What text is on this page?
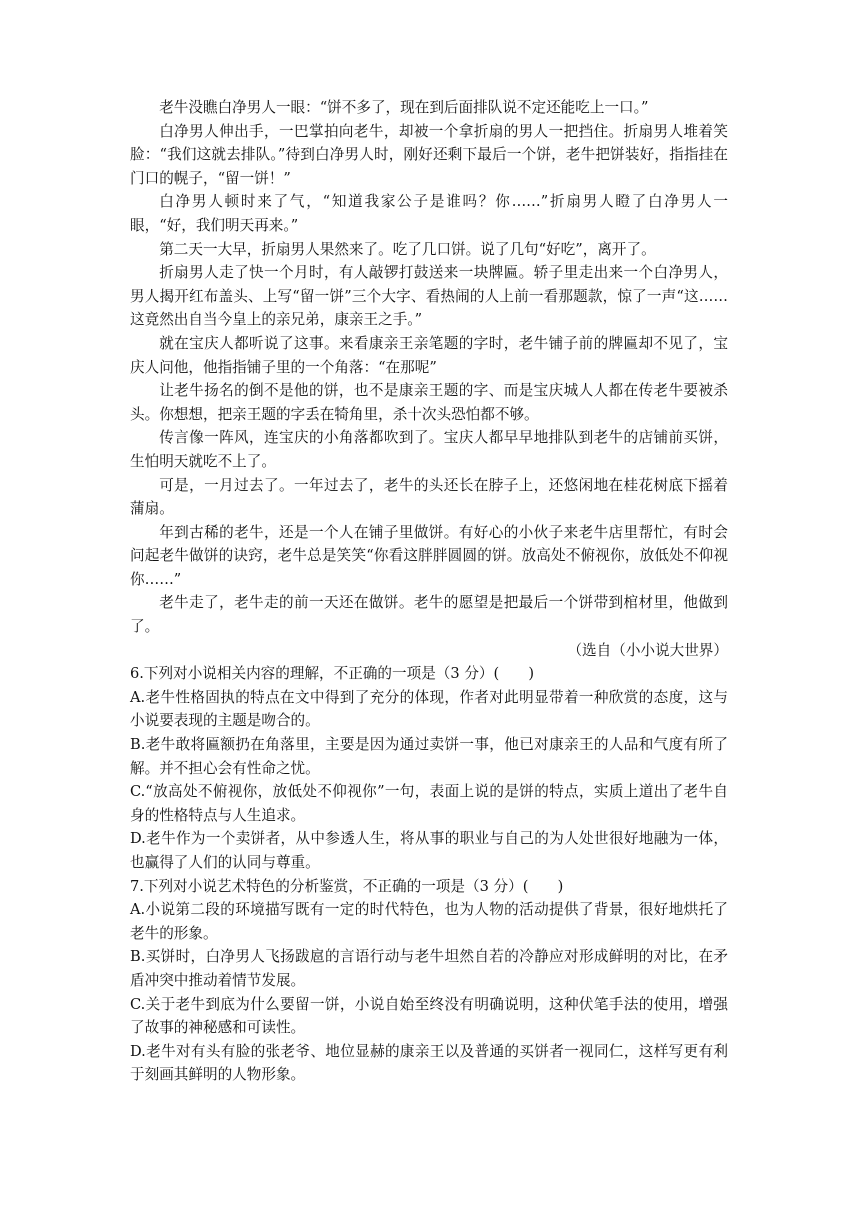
老牛没瞧白净男人一眼：“饼不多了，现在到后面排队说不定还能吃上一口。”

白净男人伸出手，一巴掌拍向老牛，却被一个拿折扇的男人一把挡住。折扇男人堆着笑脸：“我们这就去排队。”待到白净男人时，刚好还剩下最后一个饼，老牛把饼装好，指指挂在门口的幌子，“留一饼！”

白净男人顿时来了气，“知道我家公子是谁吗？你……”折扇男人瞪了白净男人一眼，“好，我们明天再来。”

第二天一大早，折扇男人果然来了。吃了几口饼。说了几句“好吃”，离开了。

折扇男人走了快一个月时，有人敲锣打鼓送来一块牌匾。轿子里走出来一个白净男人，男人揭开红布盖头、上写“留一饼”三个大字、看热闹的人上前一看那题款，惊了一声“这……这竟然出自当今皇上的亲兄弟，康亲王之手。”

就在宝庆人都听说了这事。来看康亲王亲笔题的字时，老牛铺子前的牌匾却不见了，宝庆人问他，他指指铺子里的一个角落：“在那呢”

让老牛扬名的倒不是他的饼，也不是康亲王题的字、而是宝庆城人人都在传老牛要被杀头。你想想，把亲王题的字丢在犄角里，杀十次头恐怕都不够。

传言像一阵风，连宝庆的小角落都吹到了。宝庆人都早早地排队到老牛的店铺前买饼，生怕明天就吃不上了。

可是，一月过去了。一年过去了，老牛的头还长在脖子上，还悠闲地在桂花树底下摇着蒲扇。

年到古稀的老牛，还是一个人在铺子里做饼。有好心的小伙子来老牛店里帮忙，有时会问起老牛做饼的诀窍，老牛总是笑笑“你看这胖胖圆圆的饼。放高处不俯视你，放低处不仰视你……”

老牛走了，老牛走的前一天还在做饼。老牛的愿望是把最后一个饼带到棺材里，他做到了。

（选自（小小说大世界）

6.下列对小说相关内容的理解，不正确的一项是（3 分）(　　)

A.老牛性格固执的特点在文中得到了充分的体现，作者对此明显带着一种欣赏的态度，这与小说要表现的主题是吻合的。

B.老牛敢将匾额扔在角落里，主要是因为通过卖饼一事，他已对康亲王的人品和气度有所了解。并不担心会有性命之忧。

C.“放高处不俯视你，放低处不仰视你”一句，表面上说的是饼的特点，实质上道出了老牛自身的性格特点与人生追求。

D.老牛作为一个卖饼者，从中参透人生，将从事的职业与自己的为人处世很好地融为一体，也赢得了人们的认同与尊重。

7.下列对小说艺术特色的分析鉴赏，不正确的一项是（3 分）(　　)

A.小说第二段的环境描写既有一定的时代特色，也为人物的活动提供了背景，很好地烘托了老牛的形象。

B.买饼时，白净男人飞扬跋扈的言语行动与老牛坦然自若的冷静应对形成鲜明的对比，在矛盾冲突中推动着情节发展。

C.关于老牛到底为什么要留一饼，小说自始至终没有明确说明，这种伏笔手法的使用，增强了故事的神秘感和可读性。

D.老牛对有头有脸的张老爷、地位显赫的康亲王以及普通的买饼者一视同仁，这样写更有利于刻画其鲜明的人物形象。
